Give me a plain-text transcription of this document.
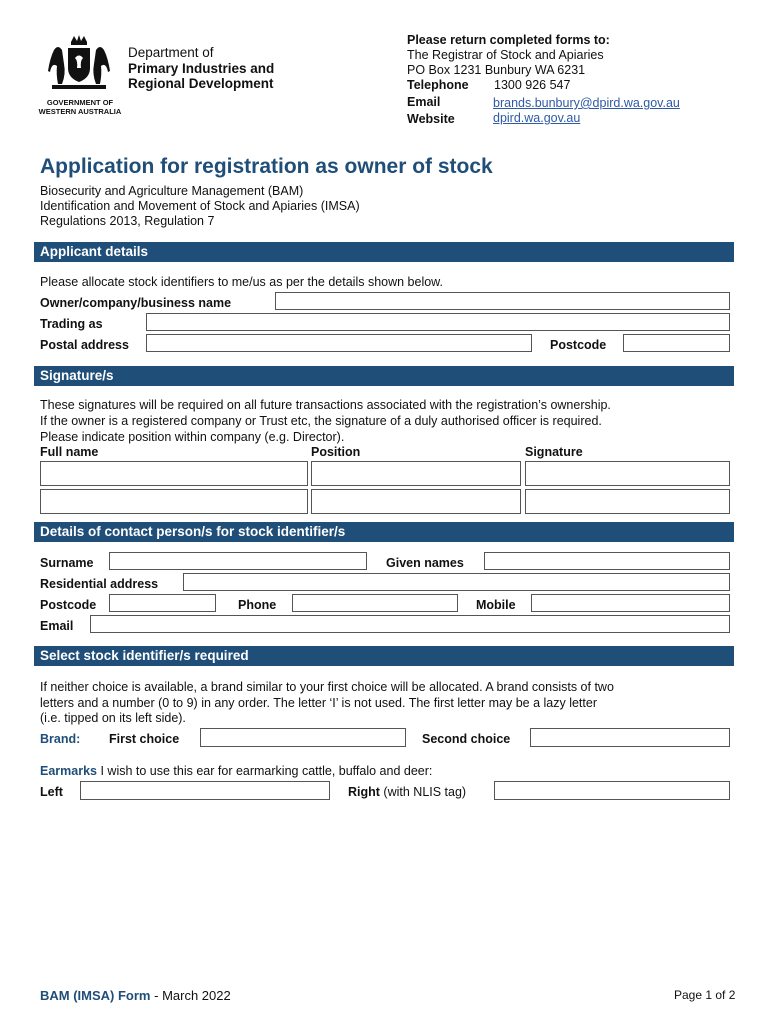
GOVERNMENT OF WESTERN AUSTRALIA
Department of
Primary Industries and
Regional Development
Please return completed forms to:
The Registrar of Stock and Apiaries
PO Box 1231 Bunbury WA 6231
Telephone 1300 926 547
Email	brands.bunbury@dpird.wa.gov.au
Website	dpird.wa.gov.au
Application for registration as owner of stock
Biosecurity and Agriculture Management (BAM)
Identification and Movement of Stock and Apiaries (IMSA)
Regulations 2013, Regulation 7
Applicant details
Please allocate stock identifiers to me/us as per the details shown below.
Owner/company/business name
Trading as
Postal address	Postcode
Signature/s
These signatures will be required on all future transactions associated with the registration’s ownership.
If the owner is a registered company or Trust etc, the signature of a duly authorised officer is required.
Please indicate position within company (e.g. Director).
Full name	Position	Signature
Details of contact person/s for stock identifier/s
Surname	Given names
Residential address
Postcode	Phone	Mobile
Email
Select stock identifier/s required
If neither choice is available, a brand similar to your first choice will be allocated. A brand consists of two
letters and a number (0 to 9) in any order. The letter ‘I’ is not used. The first letter may be a lazy letter
(i.e. tipped on its left side).
Brand: First choice	Second choice
Earmarks I wish to use this ear for earmarking cattle, buffalo and deer:
Left	Right (with NLIS tag)
BAM (IMSA) Form - March 2022	Page 1 of 2
